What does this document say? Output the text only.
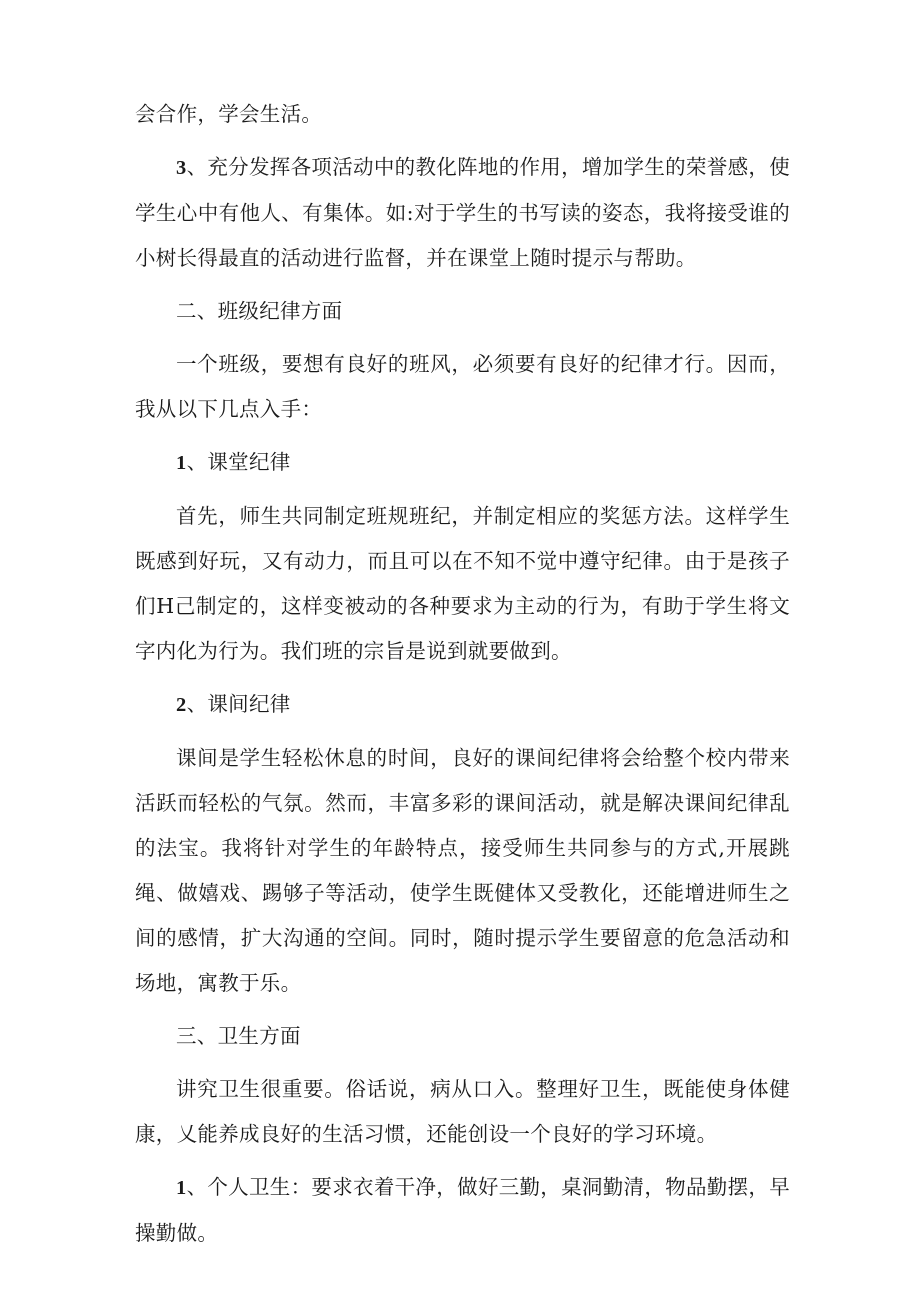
会合作，学会生活。

3、充分发挥各项活动中的教化阵地的作用，增加学生的荣誉感，使学生心中有他人、有集体。如:对于学生的书写读的姿态，我将接受谁的小树长得最直的活动进行监督，并在课堂上随时提示与帮助。

二、班级纪律方面

一个班级，要想有良好的班风，必须要有良好的纪律才行。因而，我从以下几点入手：

1、课堂纪律

首先，师生共同制定班规班纪，并制定相应的奖惩方法。这样学生既感到好玩，又有动力，而且可以在不知不觉中遵守纪律。由于是孩子们H己制定的，这样变被动的各种要求为主动的行为，有助于学生将文字内化为行为。我们班的宗旨是说到就要做到。

2、课间纪律

课间是学生轻松休息的时间，良好的课间纪律将会给整个校内带来活跃而轻松的气氛。然而，丰富多彩的课间活动，就是解决课间纪律乱的法宝。我将针对学生的年龄特点，接受师生共同参与的方式,开展跳绳、做嬉戏、踢够子等活动，使学生既健体又受教化，还能增进师生之间的感情，扩大沟通的空间。同时，随时提示学生要留意的危急活动和场地，寓教于乐。

三、卫生方面

讲究卫生很重要。俗话说，病从口入。整理好卫生，既能使身体健康，乂能养成良好的生活习惯，还能创设一个良好的学习环境。

1、个人卫生：要求衣着干净，做好三勤，桌洞勤清，物品勤摆，早操勤做。
